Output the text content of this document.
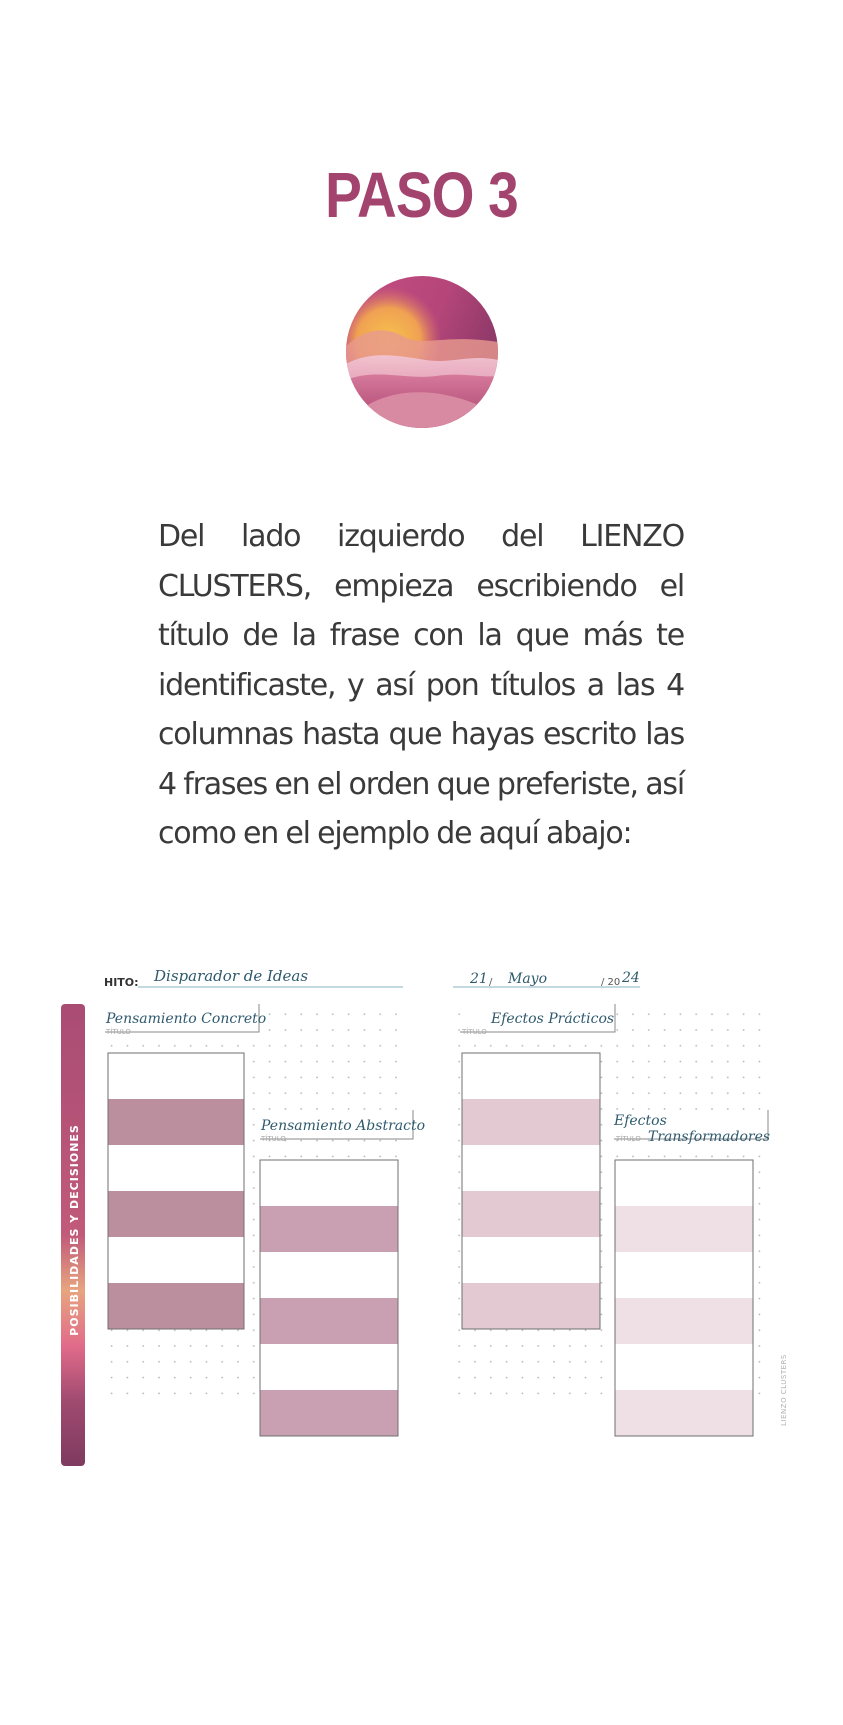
PASO 3
Del lado izquierdo del LIENZO CLUSTERS, empieza escribiendo el título de la frase con la que más te identificaste, y así pon títulos a las 4 columnas hasta que hayas escrito las 4 frases en el orden que preferiste, así como en el ejemplo de aquí abajo:
POSIBILIDADES Y DECISIONES
HITO: Disparador de Ideas	21 / Mayo	/ 20 24
Pensamiento Concreto
TÍTULO
Pensamiento Abstracto
TÍTULO
Efectos Prácticos
TÍTULO
Efectos
Transformadores
TÍTULO
LIENZO CLUSTERS
